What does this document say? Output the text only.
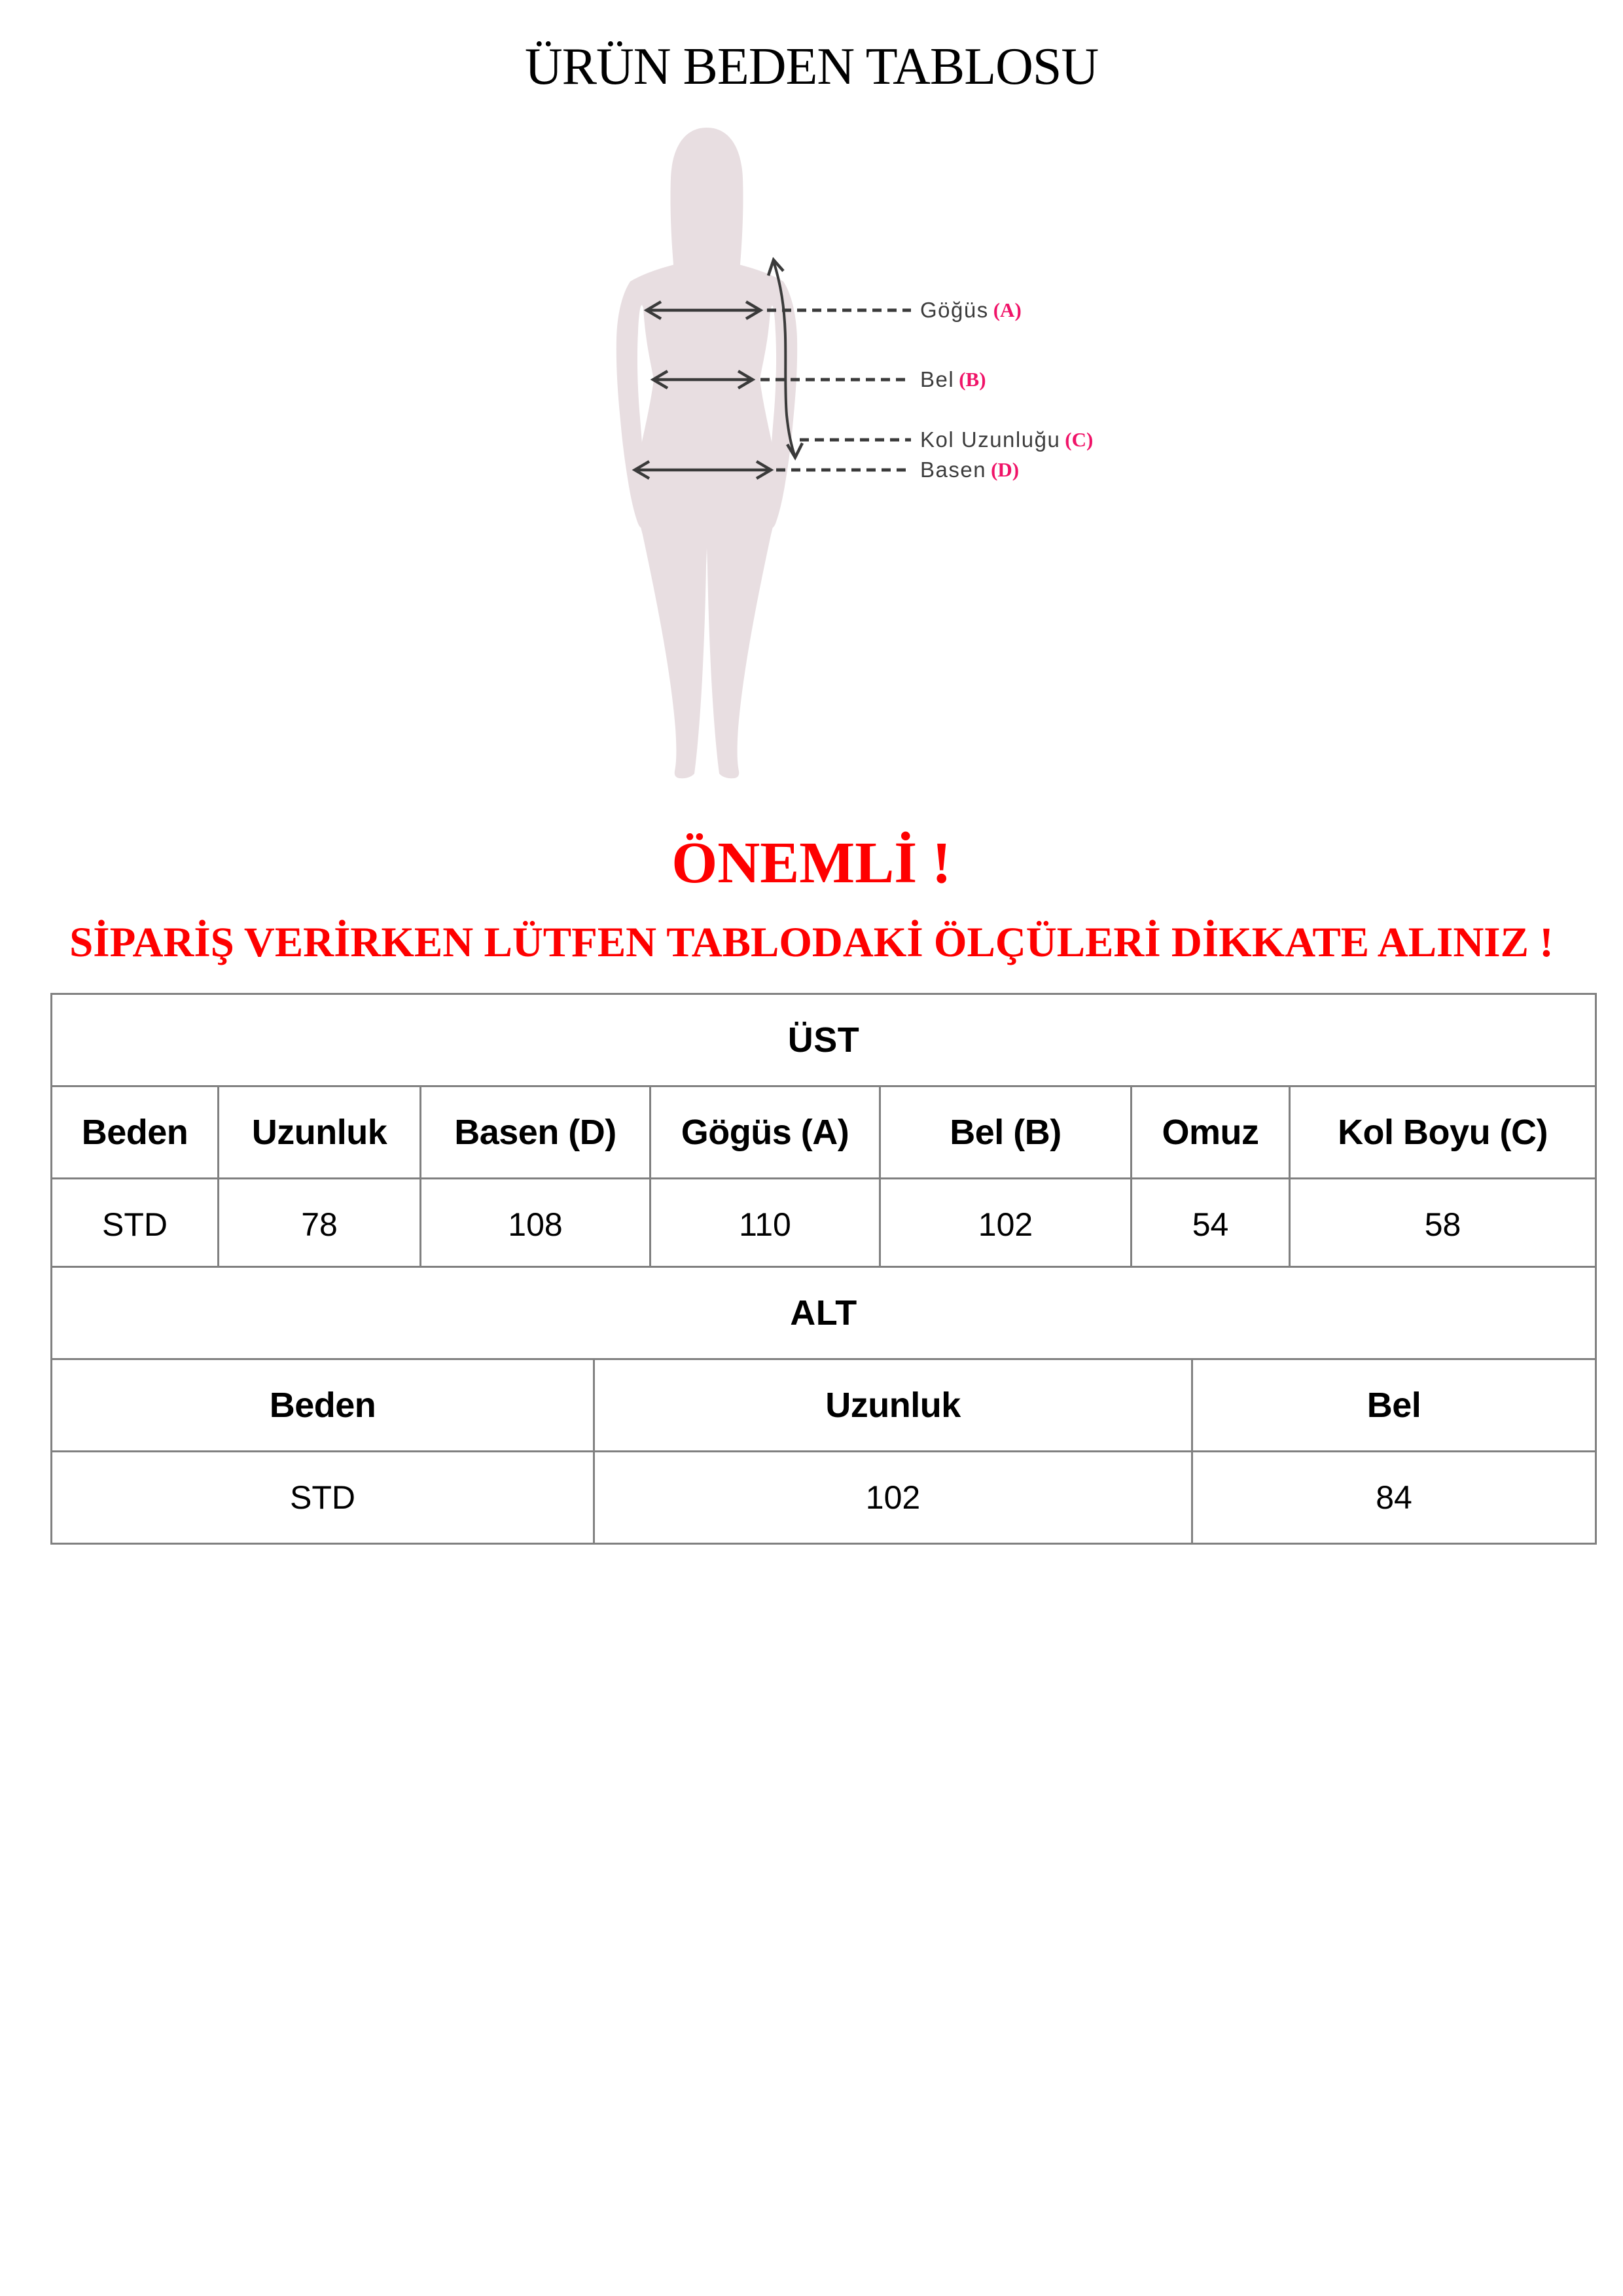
ÜRÜN BEDEN TABLOSU
Göğüs (A)
Bel (B)
Kol Uzunluğu (C)
Basen (D)
ÖNEMLİ !
SİPARİŞ VERİRKEN LÜTFEN TABLODAKİ ÖLÇÜLERİ DİKKATE ALINIZ !
ÜST						
Beden	Uzunluk	Basen (D)	Gögüs (A)	Bel (B)	Omuz	Kol Boyu (C)
STD	78	108	110	102	54	58
ALT		
Beden	Uzunluk	Bel
STD	102	84
